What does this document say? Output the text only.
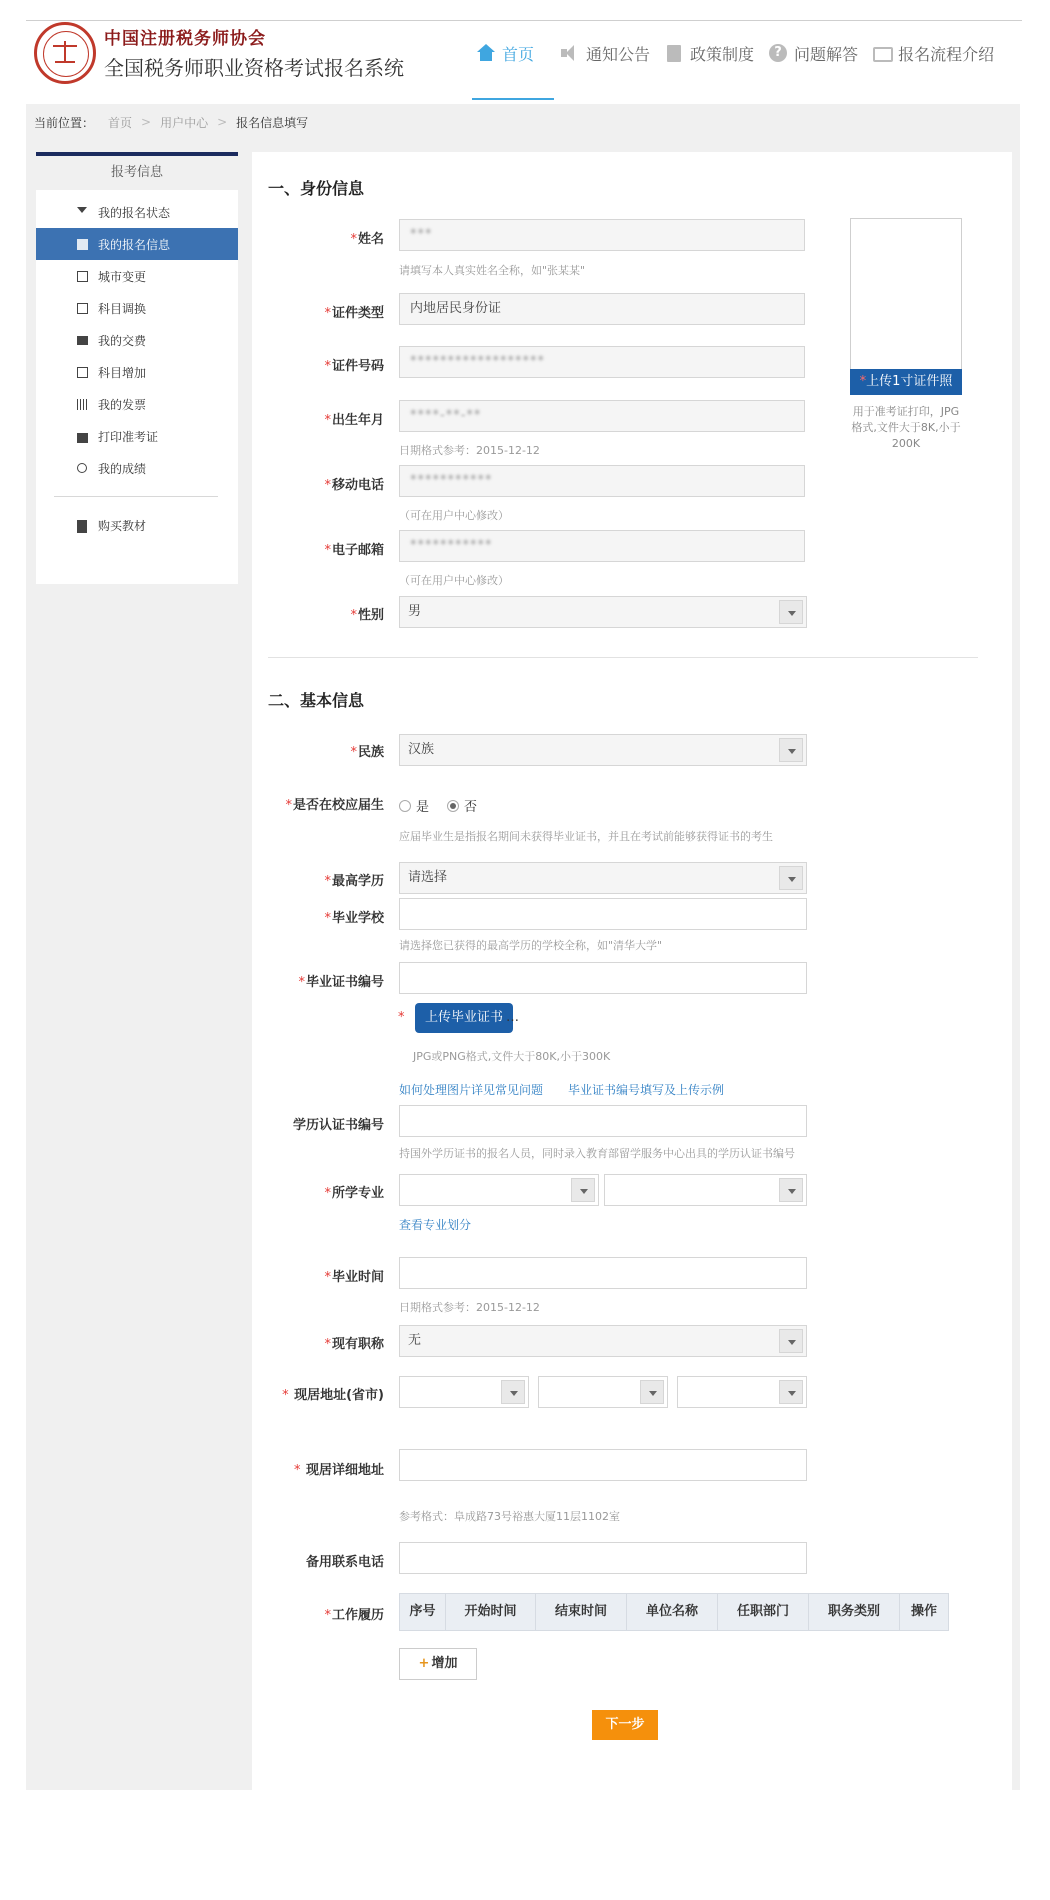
中国注册税务师协会
全国税务师职业资格考试报名系统
首页	通知公告	政策制度 ?	问题解答	报名流程介绍
当前位置： 首页 > 用户中心 > 报名信息填写
报考信息
我的报名状态
我的报名信息
城市变更
科目调换
我的交费
科目增加
我的发票
打印准考证
我的成绩
购买教材
一、身份信息
*姓名	***
请填写本人真实姓名全称，如"张某某"
*证件类型	内地居民身份证
*证件号码	******************
*出生年月	****-**-**
日期格式参考：2015-12-12
*移动电话	***********
（可在用户中心修改）
*电子邮箱	***********
（可在用户中心修改）
*性别	男
*上传1寸证件照
用于准考证打印，JPG格式,文件大于8K,小于200K
二、基本信息
*民族	汉族
*是否在校应届生 是	否
应届毕业生是指报名期间未获得毕业证书，并且在考试前能够获得证书的考生
*最高学历	请选择
*毕业学校
请选择您已获得的最高学历的学校全称，如"清华大学"
*毕业证书编号
*	上传毕业证书 …
JPG或PNG格式,文件大于80K,小于300K
如何处理图片详见常见问题 毕业证书编号填写及上传示例
学历认证书编号
持国外学历证书的报名人员，同时录入教育部留学服务中心出具的学历认证书编号
*所学专业
查看专业划分
*毕业时间
日期格式参考：2015-12-12
*现有职称	无
* 现居地址(省市)
* 现居详细地址
参考格式：阜成路73号裕惠大厦11层1102室
备用联系电话
*工作履历	序号	开始时间	结束时间	单位名称	任职部门	职务类别	操作
+ 增加
下一步
